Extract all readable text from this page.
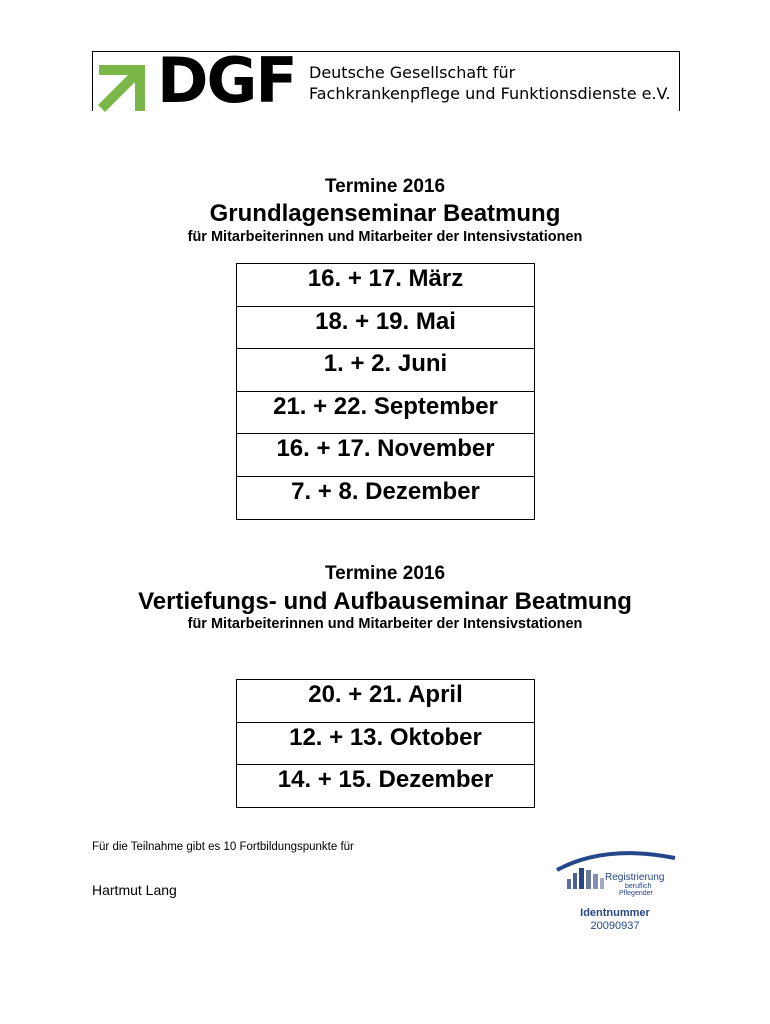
DGF Deutsche Gesellschaft für
Fachkrankenpflege und Funktionsdienste e.V.
Termine 2016
Grundlagenseminar Beatmung
für Mitarbeiterinnen und Mitarbeiter der Intensivstationen
16. + 17. März
18. + 19. Mai
1. + 2. Juni
21. + 22. September
16. + 17. November
7. + 8. Dezember
Termine 2016
Vertiefungs- und Aufbauseminar Beatmung
für Mitarbeiterinnen und Mitarbeiter der Intensivstationen
20. + 21. April
12. + 13. Oktober
14. + 15. Dezember
Für die Teilnahme gibt es 10 Fortbildungspunkte für
Hartmut Lang
Registrierung
beruflich
Pflegender
Identnummer
20090937
